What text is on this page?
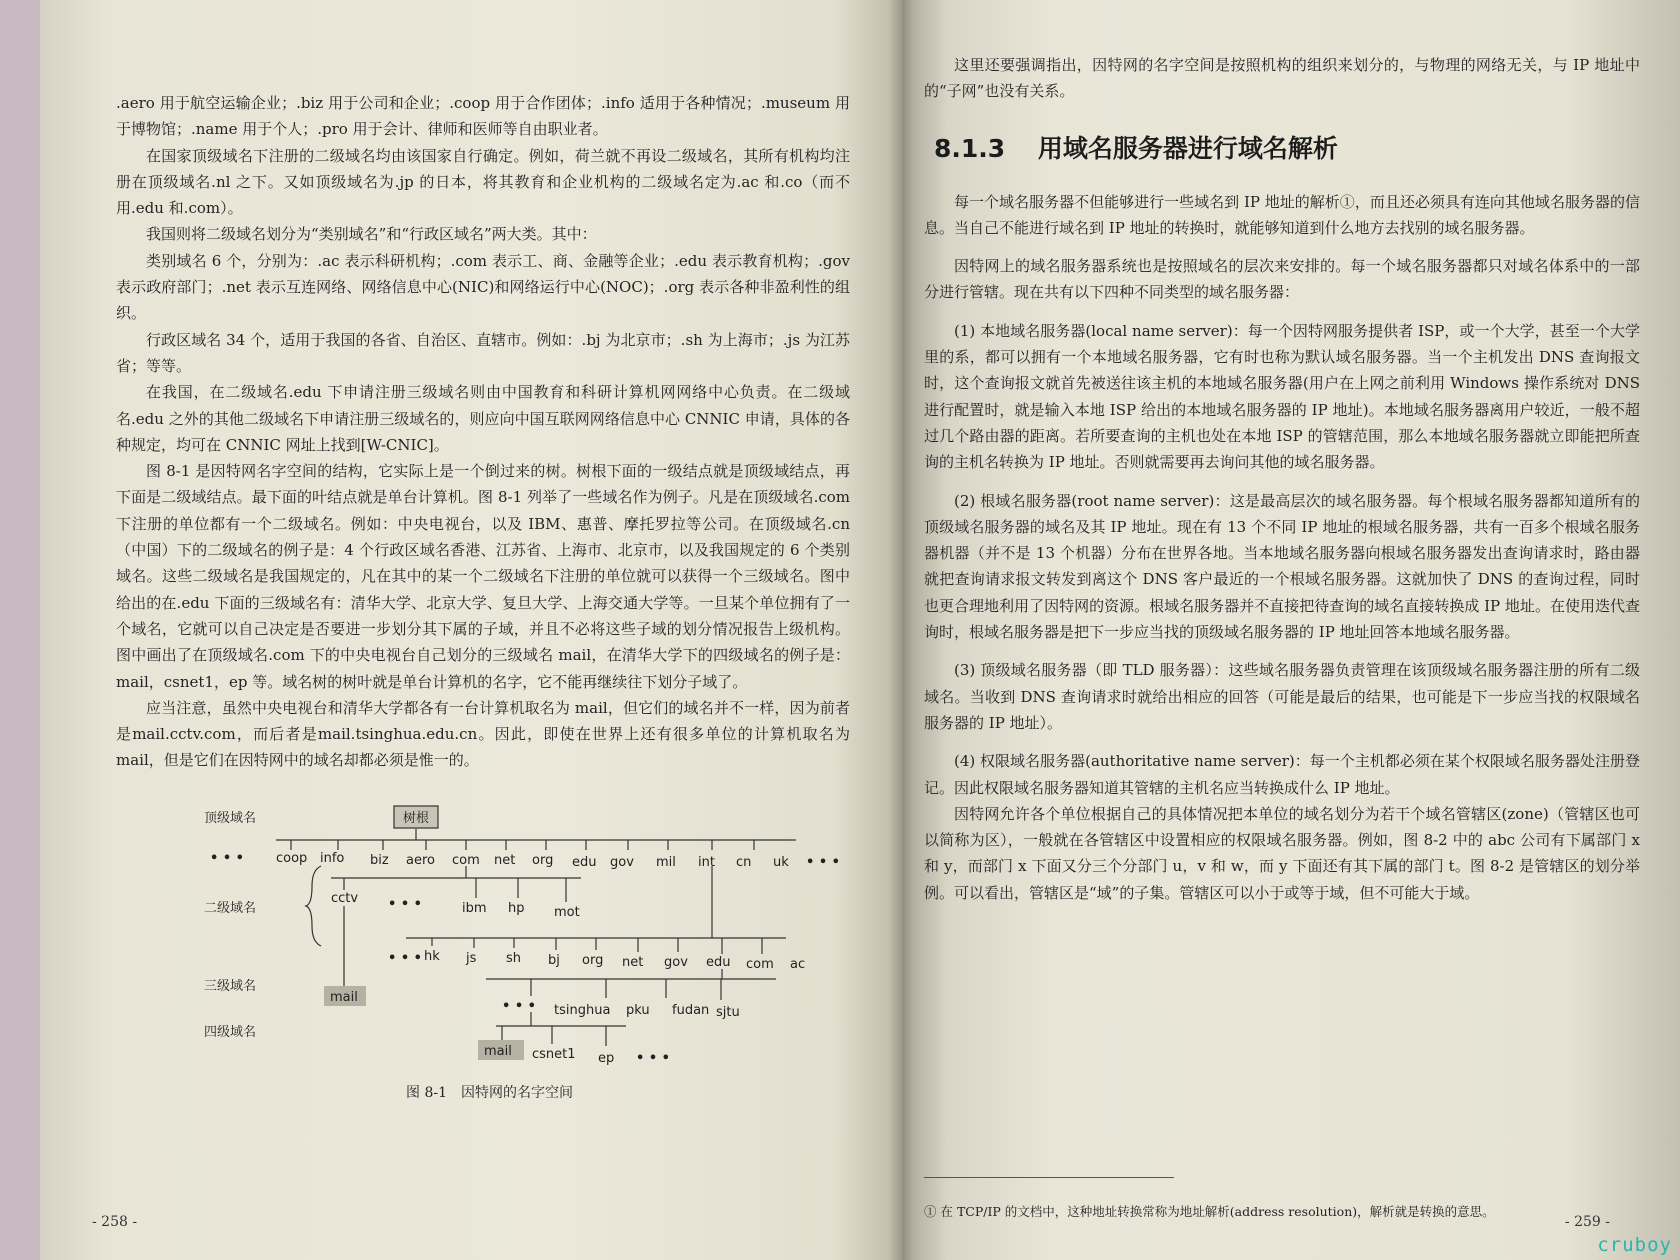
.aero 用于航空运输企业；.biz 用于公司和企业；.coop 用于合作团体；.info 适用于各种情况；.museum 用于博物馆；.name 用于个人；.pro 用于会计、律师和医师等自由职业者。

在国家顶级域名下注册的二级域名均由该国家自行确定。例如，荷兰就不再设二级域名，其所有机构均注册在顶级域名.nl 之下。又如顶级域名为.jp 的日本，将其教育和企业机构的二级域名定为.ac 和.co（而不用.edu 和.com）。

我国则将二级域名划分为“类别域名”和“行政区域名”两大类。其中：

类别域名 6 个，分别为：.ac 表示科研机构；.com 表示工、商、金融等企业；.edu 表示教育机构；.gov 表示政府部门；.net 表示互连网络、网络信息中心(NIC)和网络运行中心(NOC)；.org 表示各种非盈利性的组织。

行政区域名 34 个，适用于我国的各省、自治区、直辖市。例如：.bj 为北京市；.sh 为上海市；.js 为江苏省；等等。

在我国，在二级域名.edu 下申请注册三级域名则由中国教育和科研计算机网网络中心负责。在二级域名.edu 之外的其他二级域名下申请注册三级域名的，则应向中国互联网网络信息中心 CNNIC 申请，具体的各种规定，均可在 CNNIC 网址上找到[W-CNIC]。

图 8-1 是因特网名字空间的结构，它实际上是一个倒过来的树。树根下面的一级结点就是顶级域结点，再下面是二级域结点。最下面的叶结点就是单台计算机。图 8-1 列举了一些域名作为例子。凡是在顶级域名.com 下注册的单位都有一个二级域名。例如：中央电视台，以及 IBM、惠普、摩托罗拉等公司。在顶级域名.cn（中国）下的二级域名的例子是：4 个行政区域名香港、江苏省、上海市、北京市，以及我国规定的 6 个类别域名。这些二级域名是我国规定的，凡在其中的某一个二级域名下注册的单位就可以获得一个三级域名。图中给出的在.edu 下面的三级域名有：清华大学、北京大学、复旦大学、上海交通大学等。一旦某个单位拥有了一个域名，它就可以自己决定是否要进一步划分其下属的子域，并且不必将这些子域的划分情况报告上级机构。图中画出了在顶级域名.com 下的中央电视台自己划分的三级域名 mail，在清华大学下的四级域名的例子是：mail，csnet1，ep 等。域名树的树叶就是单台计算机的名字，它不能再继续往下划分子域了。

应当注意，虽然中央电视台和清华大学都各有一台计算机取名为 mail，但它们的域名并不一样，因为前者是mail.cctv.com，而后者是mail.tsinghua.edu.cn。因此，即使在世界上还有很多单位的计算机取名为 mail，但是它们在因特网中的域名却都必须是惟一的。

树根
顶级域名
二级域名
三级域名
四级域名
• • • coop info biz aero com net org edu gov mil int cn uk • • •
cctv • • •	ibm hp mot
• • • hk js sh bj org net gov edu com ac
mail
• • • tsinghua pku fudan sjtu
mail csnet1 ep • • •
图 8-1　因特网的名字空间
- 258 -

这里还要强调指出，因特网的名字空间是按照机构的组织来划分的，与物理的网络无关，与 IP 地址中的“子网”也没有关系。

8.1.3 用域名服务器进行域名解析

每一个域名服务器不但能够进行一些域名到 IP 地址的解析①，而且还必须具有连向其他域名服务器的信息。当自己不能进行域名到 IP 地址的转换时，就能够知道到什么地方去找别的域名服务器。

因特网上的域名服务器系统也是按照域名的层次来安排的。每一个域名服务器都只对域名体系中的一部分进行管辖。现在共有以下四种不同类型的域名服务器：

(1) 本地域名服务器(local name server)：每一个因特网服务提供者 ISP，或一个大学，甚至一个大学里的系，都可以拥有一个本地域名服务器，它有时也称为默认域名服务器。当一个主机发出 DNS 查询报文时，这个查询报文就首先被送往该主机的本地域名服务器(用户在上网之前利用 Windows 操作系统对 DNS 进行配置时，就是输入本地 ISP 给出的本地域名服务器的 IP 地址)。本地域名服务器离用户较近，一般不超过几个路由器的距离。若所要查询的主机也处在本地 ISP 的管辖范围，那么本地域名服务器就立即能把所查询的主机名转换为 IP 地址。否则就需要再去询问其他的域名服务器。

(2) 根域名服务器(root name server)：这是最高层次的域名服务器。每个根域名服务器都知道所有的顶级域名服务器的域名及其 IP 地址。现在有 13 个不同 IP 地址的根域名服务器，共有一百多个根域名服务器机器（并不是 13 个机器）分布在世界各地。当本地域名服务器向根域名服务器发出查询请求时，路由器就把查询请求报文转发到离这个 DNS 客户最近的一个根域名服务器。这就加快了 DNS 的查询过程，同时也更合理地利用了因特网的资源。根域名服务器并不直接把待查询的域名直接转换成 IP 地址。在使用迭代查询时，根域名服务器是把下一步应当找的顶级域名服务器的 IP 地址回答本地域名服务器。

(3) 顶级域名服务器（即 TLD 服务器）：这些域名服务器负责管理在该顶级域名服务器注册的所有二级域名。当收到 DNS 查询请求时就给出相应的回答（可能是最后的结果，也可能是下一步应当找的权限域名服务器的 IP 地址）。

(4) 权限域名服务器(authoritative name server)：每一个主机都必须在某个权限域名服务器处注册登记。因此权限域名服务器知道其管辖的主机名应当转换成什么 IP 地址。

因特网允许各个单位根据自己的具体情况把本单位的域名划分为若干个域名管辖区(zone)（管辖区也可以简称为区），一般就在各管辖区中设置相应的权限域名服务器。例如，图 8-2 中的 abc 公司有下属部门 x 和 y，而部门 x 下面又分三个分部门 u，v 和 w，而 y 下面还有其下属的部门 t。图 8-2 是管辖区的划分举例。可以看出，管辖区是“域”的子集。管辖区可以小于或等于域，但不可能大于域。

① 在 TCP/IP 的文档中，这种地址转换常称为地址解析(address resolution)，解析就是转换的意思。
- 259 -
cruboy
